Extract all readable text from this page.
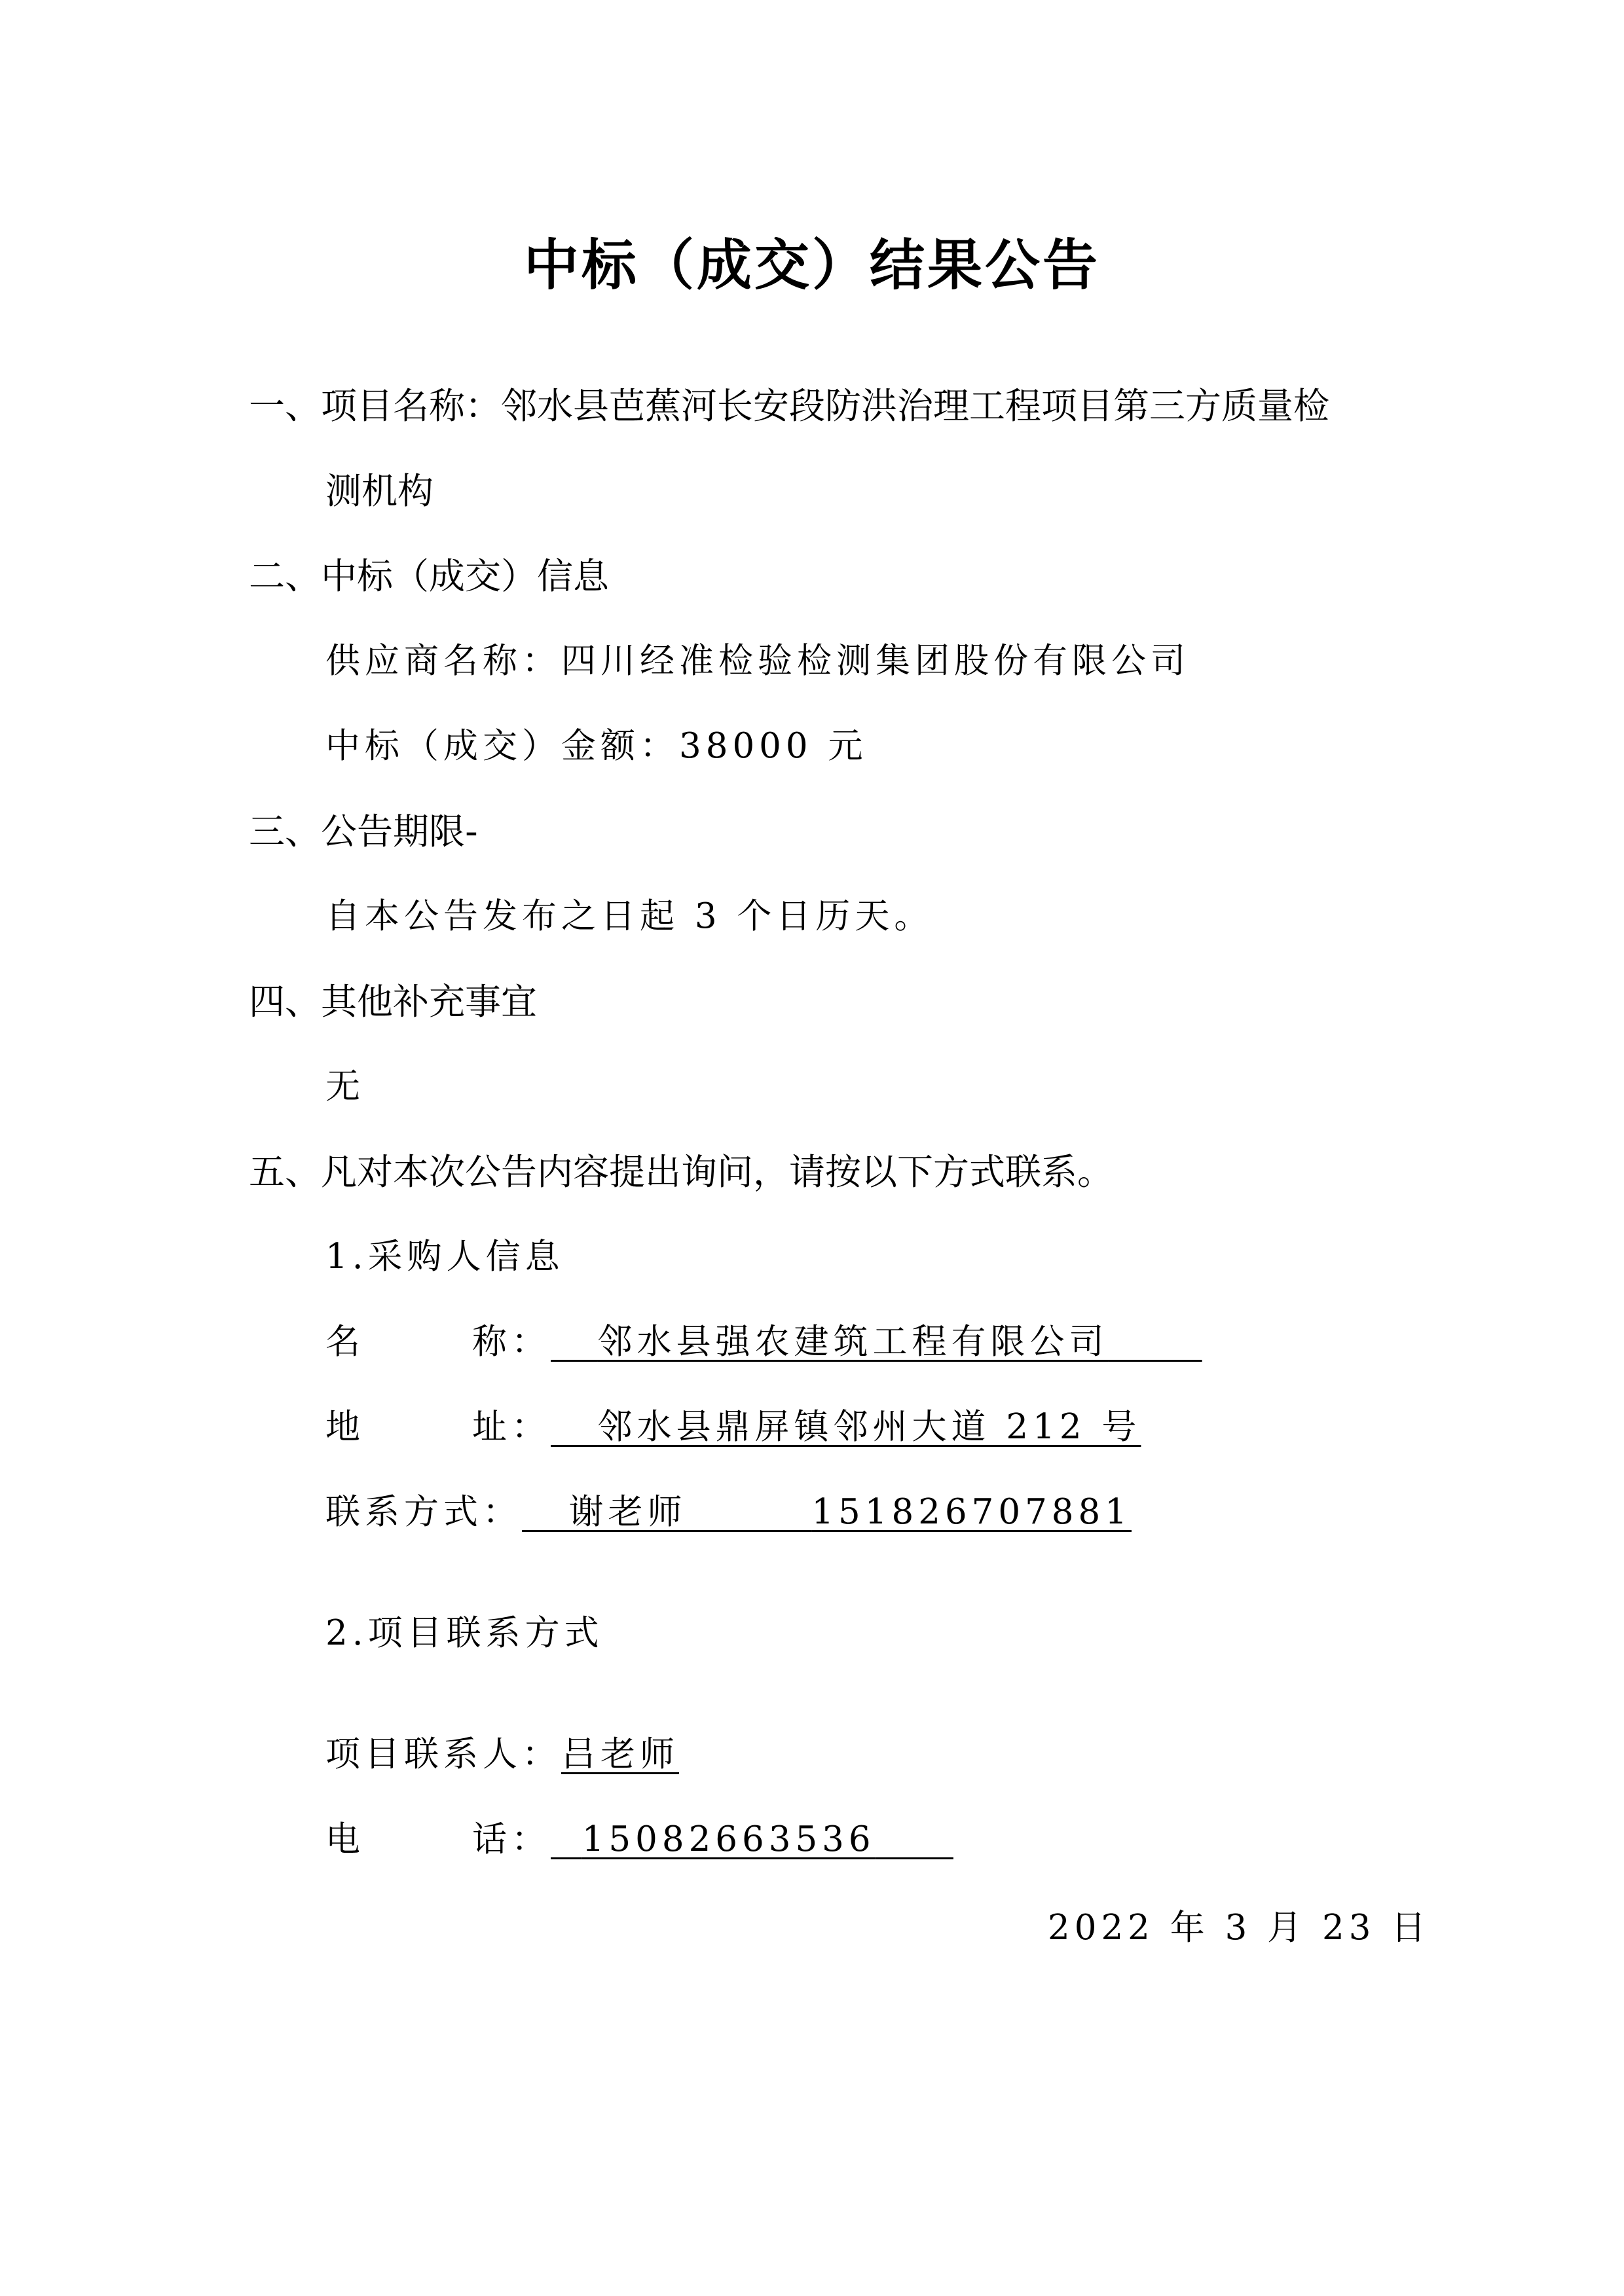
中标（成交）结果公告
一、项目名称：邻水县芭蕉河长安段防洪治理工程项目第三方质量检
测机构
二、中标（成交）信息
供应商名称：四川经准检验检测集团股份有限公司
中标（成交）金额：38000 元
三、公告期限-
自本公告发布之日起 3 个日历天。
四、其他补充事宜
无
五、凡对本次公告内容提出询问，请按以下方式联系。
1.采购人信息
名	称： 邻水县强农建筑工程有限公司
地	址： 邻水县鼎屏镇邻州大道 212 号
联系方式： 谢老师	151826707881
2.项目联系方式
项目联系人：吕老师
电	话： 15082663536
2022 年 3 月 23 日
